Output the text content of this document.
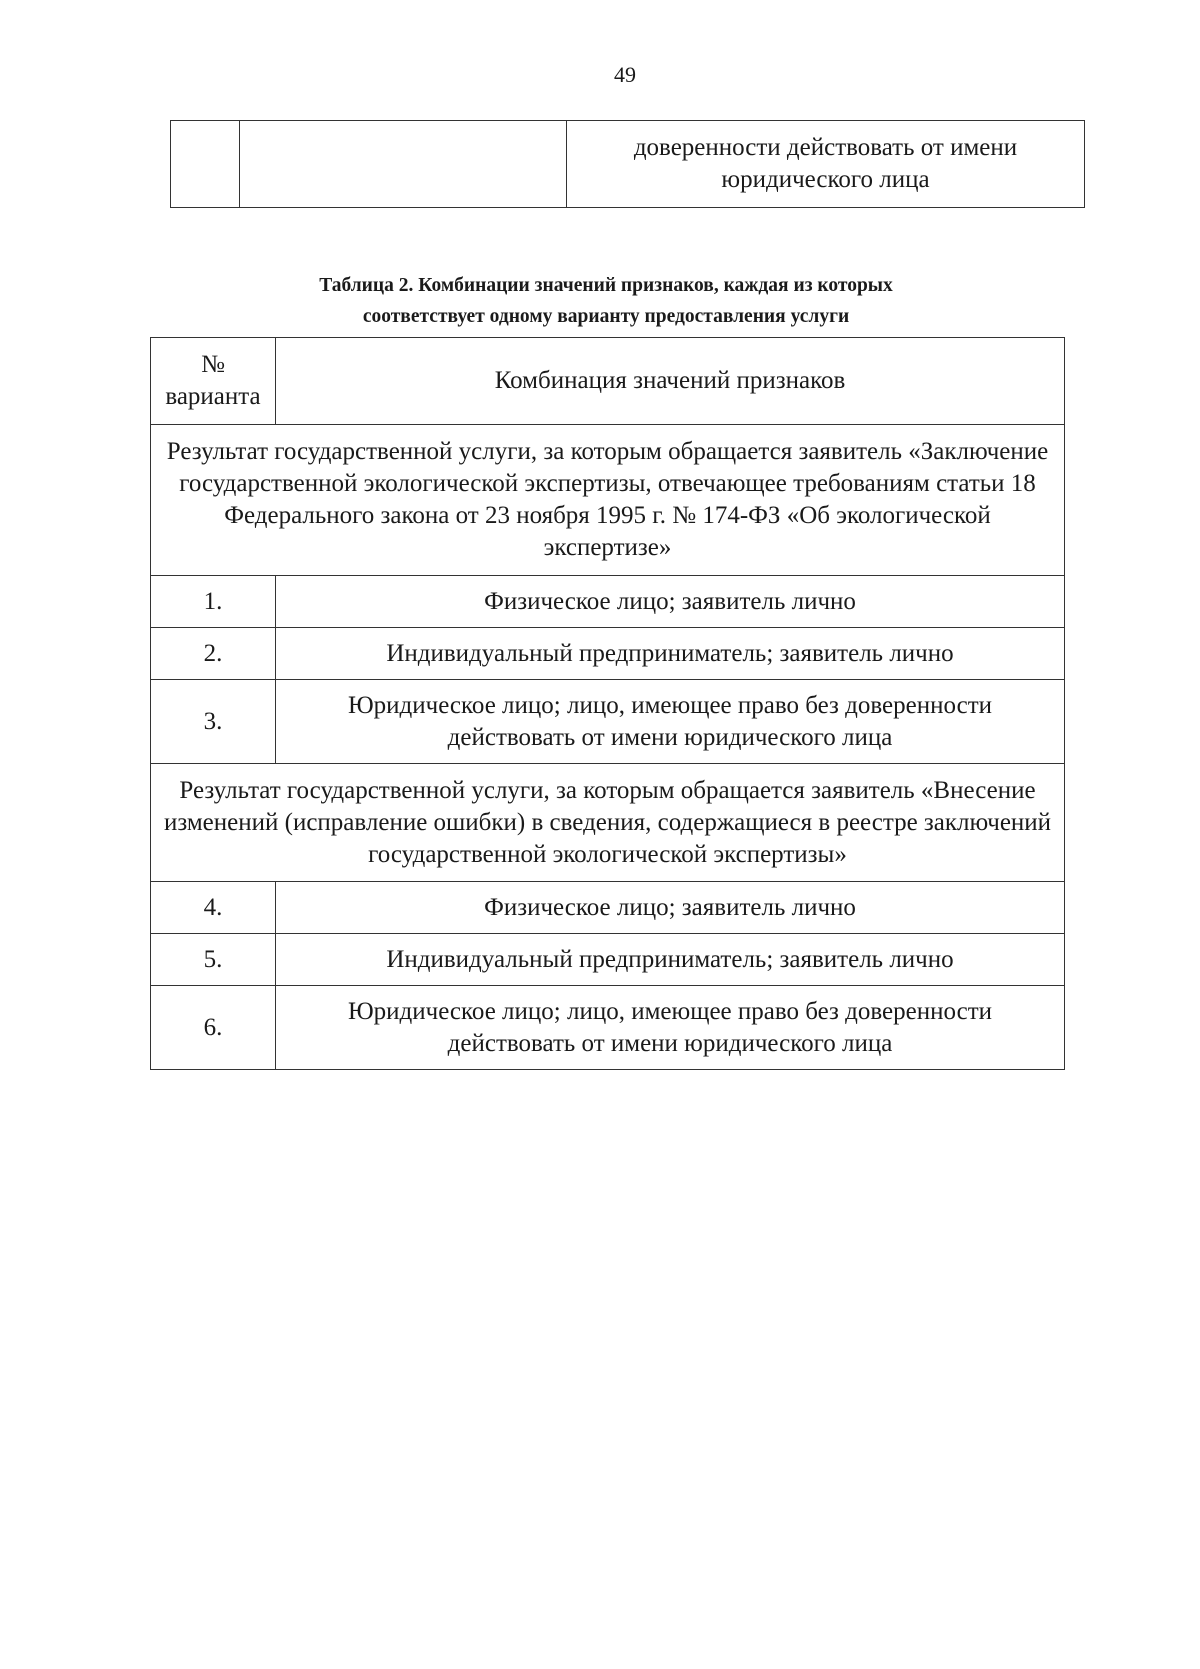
49
		доверенности действовать от имени юридического лица
Таблица 2. Комбинации значений признаков, каждая из которых
соответствует одному варианту предоставления услуги
№
варианта	Комбинация значений признаков
Результат государственной услуги, за которым обращается заявитель «Заключение государственной экологической экспертизы, отвечающее требованиям статьи 18 Федерального закона от 23 ноября 1995 г. № 174-ФЗ «Об экологической экспертизе»	
1.	Физическое лицо; заявитель лично
2.	Индивидуальный предприниматель; заявитель лично
3.	Юридическое лицо; лицо, имеющее право без доверенности действовать от имени юридического лица
Результат государственной услуги, за которым обращается заявитель «Внесение изменений (исправление ошибки) в сведения, содержащиеся в реестре заключений государственной экологической экспертизы»	
4.	Физическое лицо; заявитель лично
5.	Индивидуальный предприниматель; заявитель лично
6.	Юридическое лицо; лицо, имеющее право без доверенности действовать от имени юридического лица
